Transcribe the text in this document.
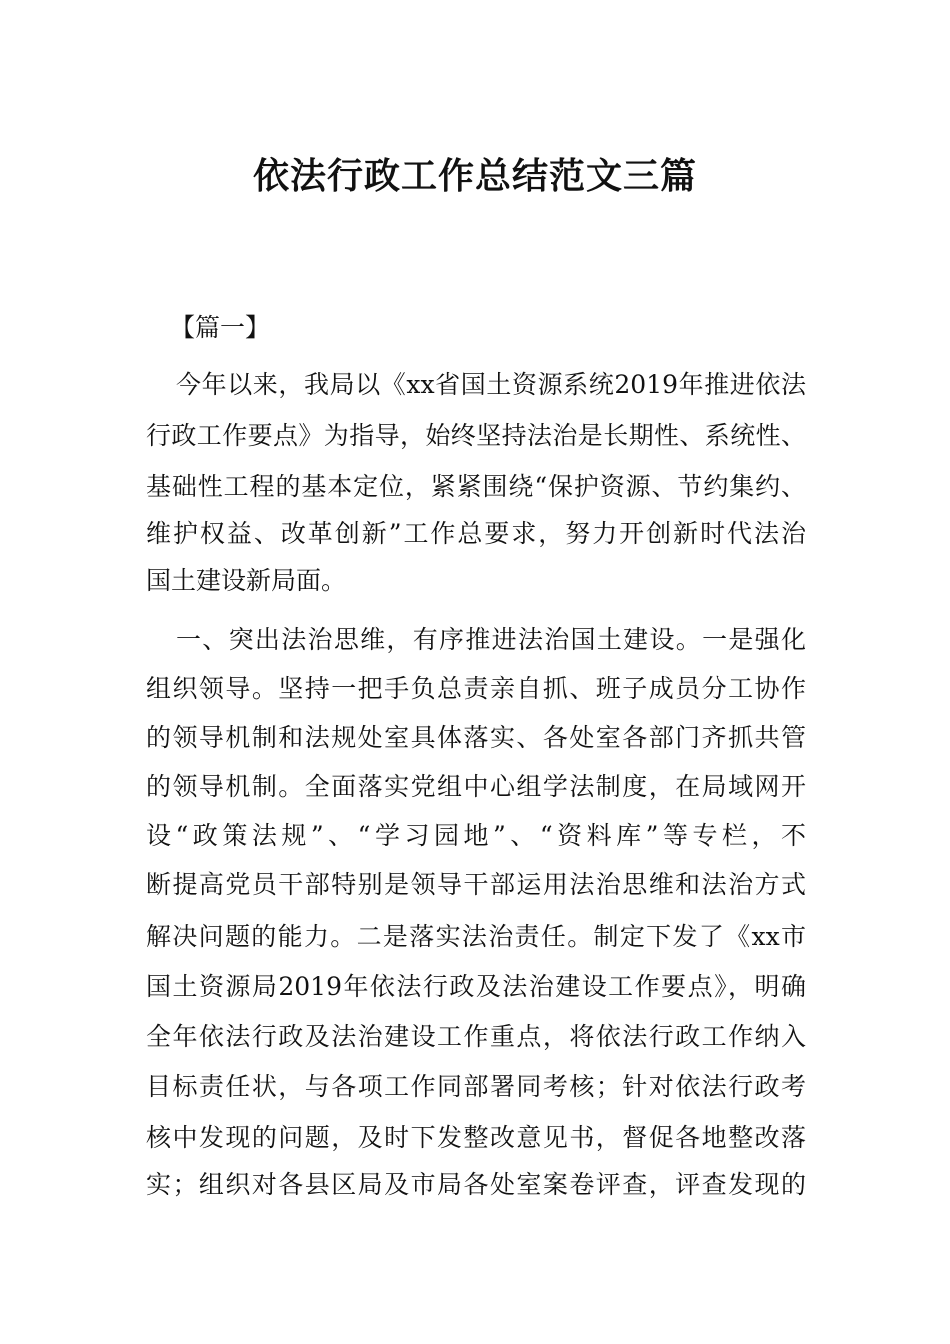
依法行政工作总结范文三篇
【篇一】
今年以来，我局以《xx省国土资源系统2019年推进依法
行政工作要点》为指导，始终坚持法治是长期性、系统性、
基础性工程的基本定位，紧紧围绕“保护资源、节约集约、
维护权益、改革创新”工作总要求，努力开创新时代法治
国土建设新局面。
一、突出法治思维，有序推进法治国土建设。一是强化
组织领导。坚持一把手负总责亲自抓、班子成员分工协作
的领导机制和法规处室具体落实、各处室各部门齐抓共管
的领导机制。全面落实党组中心组学法制度，在局域网开
设“政策法规”、“学习园地”、“资料库”等专栏，不
断提高党员干部特别是领导干部运用法治思维和法治方式
解决问题的能力。二是落实法治责任。制定下发了《xx市
国土资源局2019年依法行政及法治建设工作要点》，明确
全年依法行政及法治建设工作重点，将依法行政工作纳入
目标责任状，与各项工作同部署同考核；针对依法行政考
核中发现的问题，及时下发整改意见书，督促各地整改落
实；组织对各县区局及市局各处室案卷评查，评查发现的
